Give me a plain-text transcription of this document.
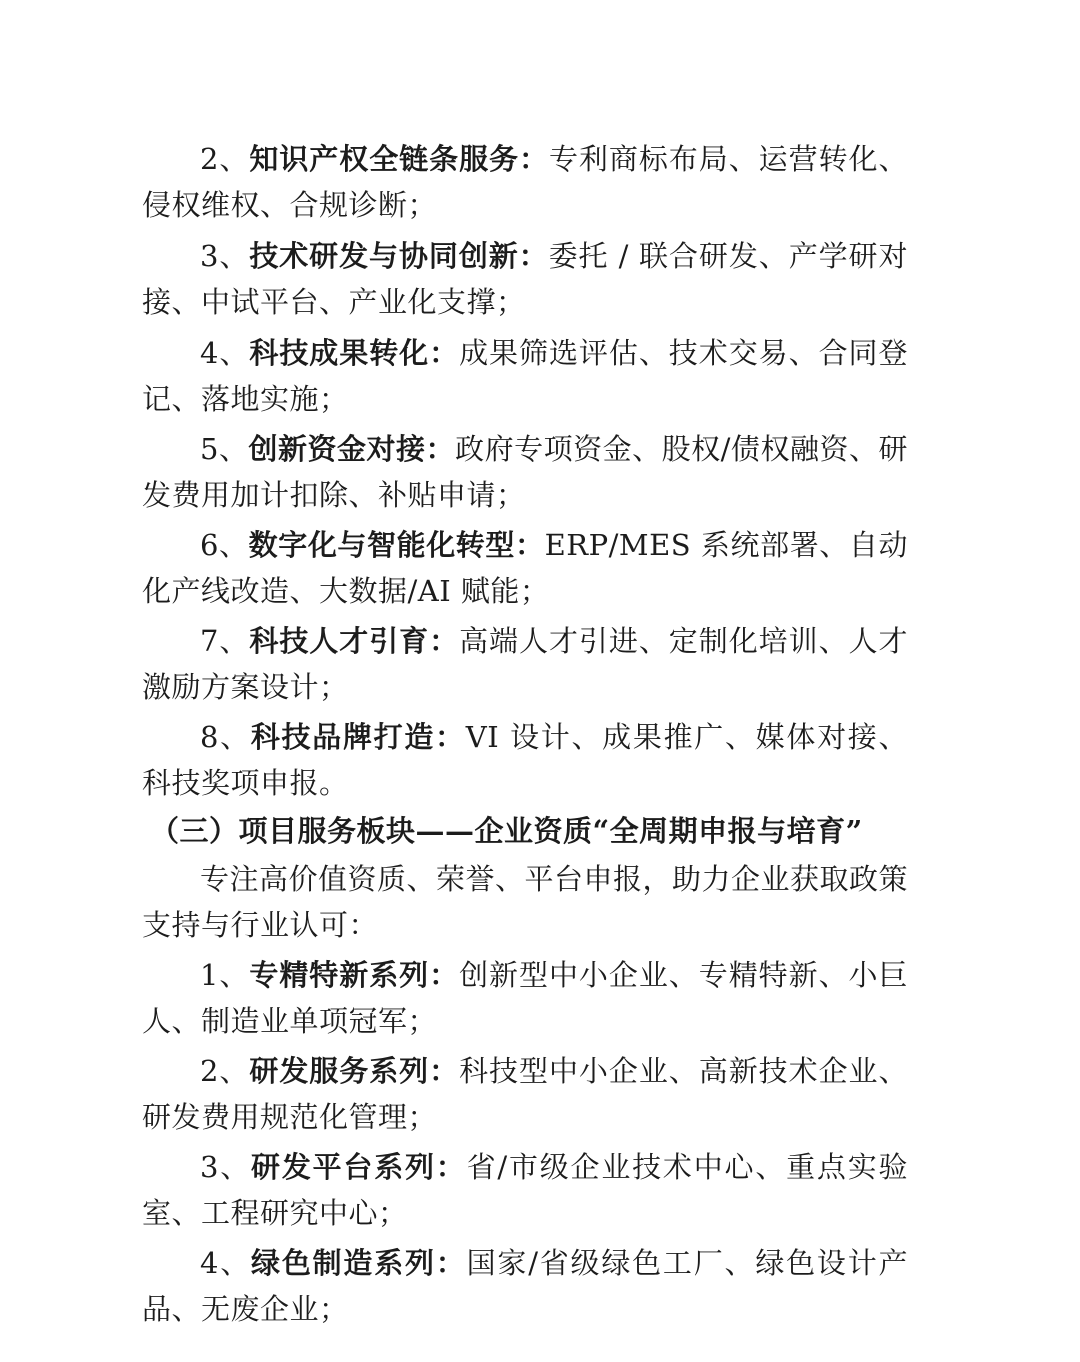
2、知识产权全链条服务：专利商标布局、运营转化、侵权维权、合规诊断；

3、技术研发与协同创新：委托 / 联合研发、产学研对接、中试平台、产业化支撑；

4、科技成果转化：成果筛选评估、技术交易、合同登记、落地实施；

5、创新资金对接：政府专项资金、股权/债权融资、研发费用加计扣除、补贴申请；

6、数字化与智能化转型：ERP/MES 系统部署、自动化产线改造、大数据/AI 赋能；

7、科技人才引育：高端人才引进、定制化培训、人才激励方案设计；

8、科技品牌打造：VI 设计、成果推广、媒体对接、科技奖项申报。

（三）项目服务板块——企业资质“全周期申报与培育”

专注高价值资质、荣誉、平台申报，助力企业获取政策支持与行业认可：

1、专精特新系列：创新型中小企业、专精特新、小巨人、制造业单项冠军；

2、研发服务系列：科技型中小企业、高新技术企业、研发费用规范化管理；

3、研发平台系列：省/市级企业技术中心、重点实验室、工程研究中心；

4、绿色制造系列：国家/省级绿色工厂、绿色设计产品、无废企业；
